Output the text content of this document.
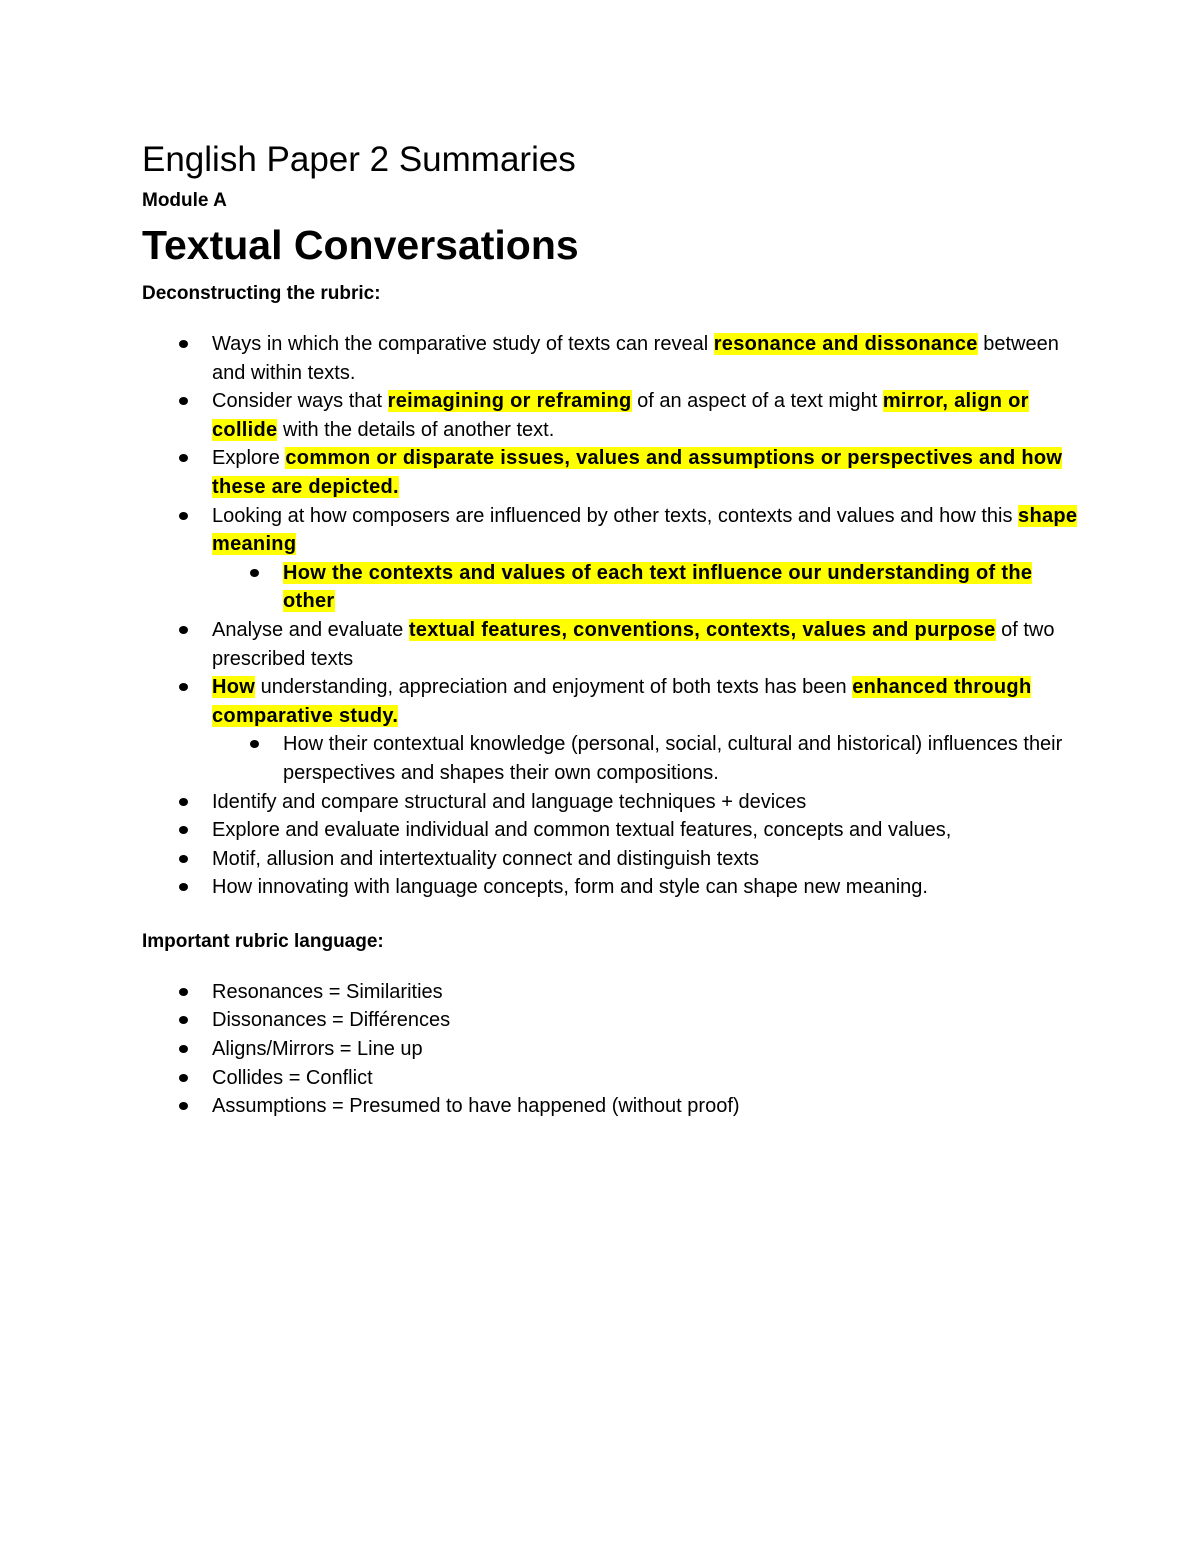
English Paper 2 Summaries
Module A
Textual Conversations
Deconstructing the rubric:
Ways in which the comparative study of texts can reveal resonance and dissonance between and within texts.
Consider ways that reimagining or reframing of an aspect of a text might mirror, align or collide with the details of another text.
Explore common or disparate issues, values and assumptions or perspectives and how these are depicted.
Looking at how composers are influenced by other texts, contexts and values and how this shape meaning
How the contexts and values of each text influence our understanding of the other
Analyse and evaluate textual features, conventions, contexts, values and purpose of two prescribed texts
How understanding, appreciation and enjoyment of both texts has been enhanced through comparative study.
How their contextual knowledge (personal, social, cultural and historical) influences their perspectives and shapes their own compositions.
Identify and compare structural and language techniques + devices
Explore and evaluate individual and common textual features, concepts and values,
Motif, allusion and intertextuality connect and distinguish texts
How innovating with language concepts, form and style can shape new meaning.
Important rubric language:
Resonances = Similarities
Dissonances = Différences
Aligns/Mirrors = Line up
Collides = Conflict
Assumptions = Presumed to have happened (without proof)
